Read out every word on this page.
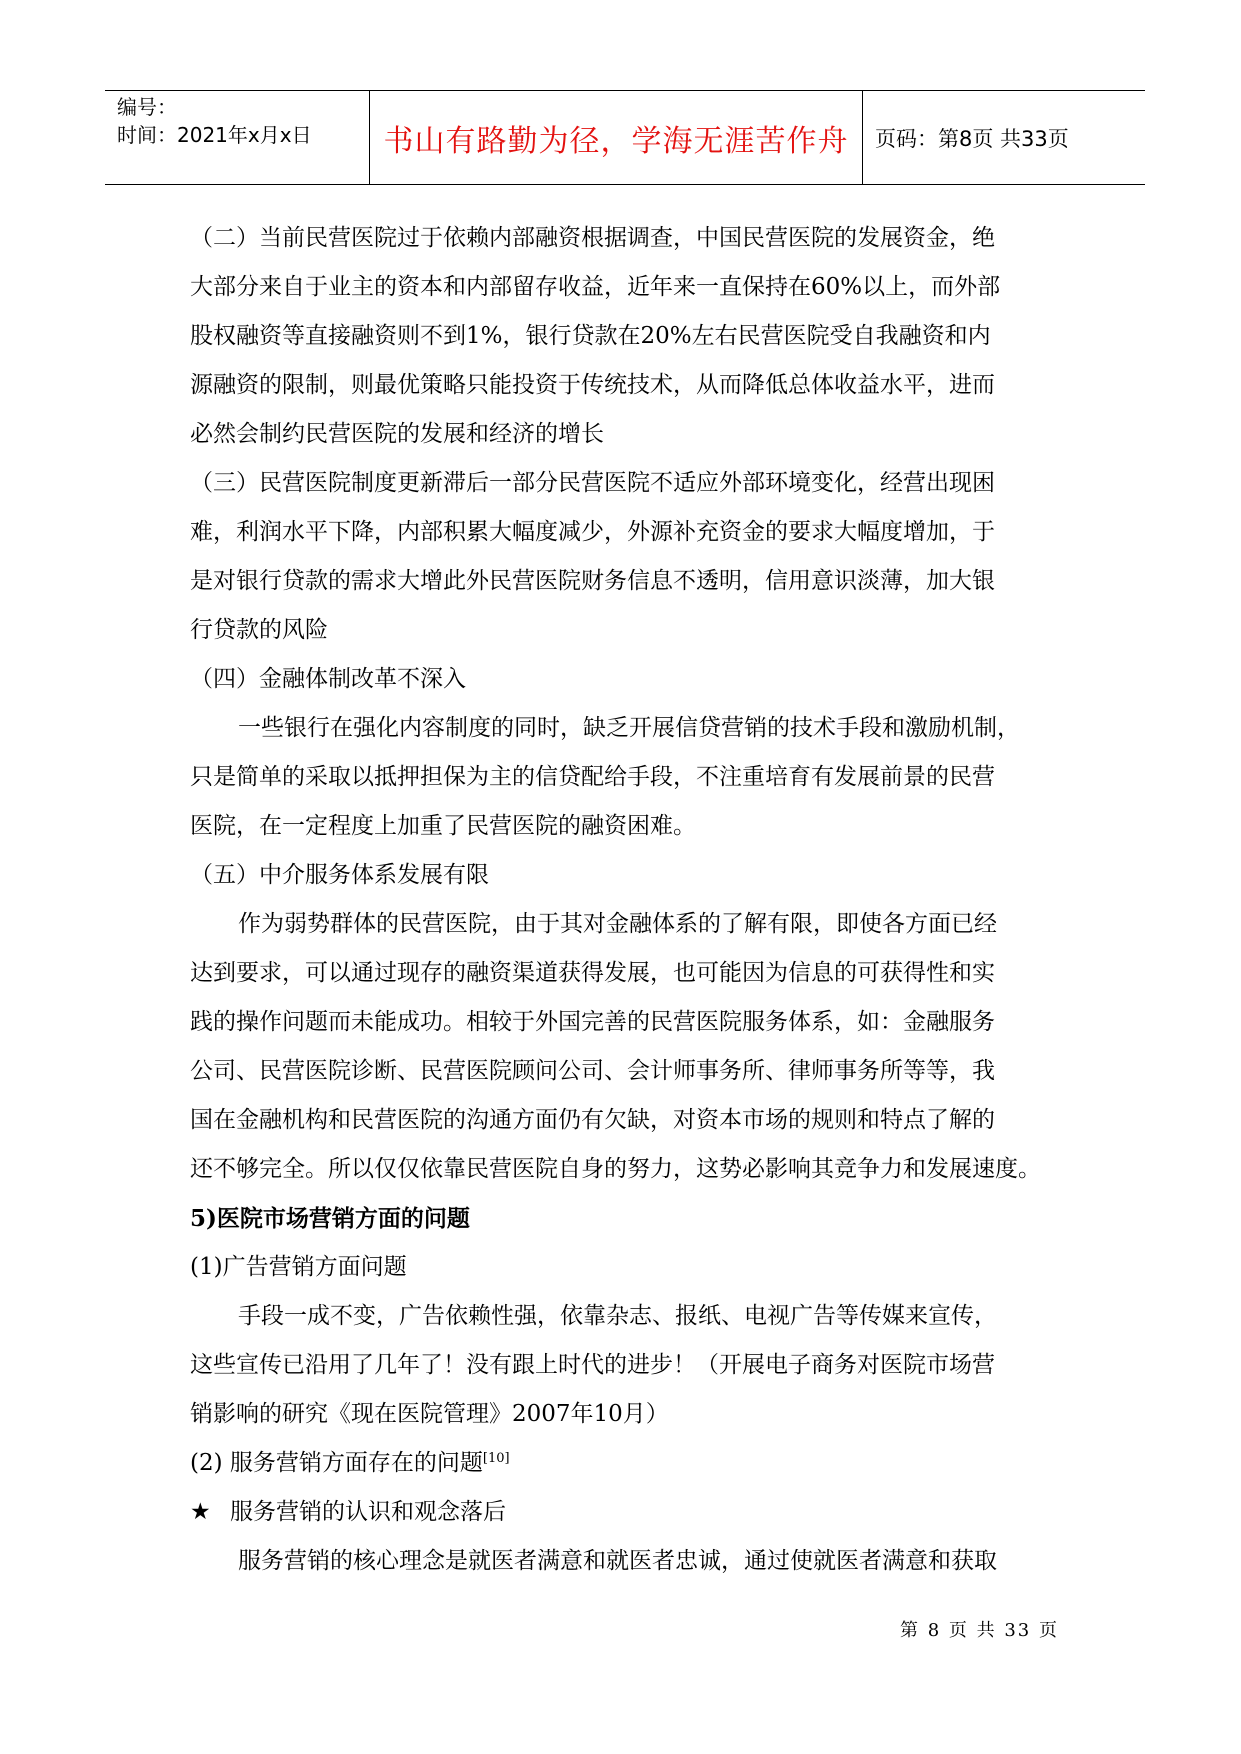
编号：
时间：2021年x月x日	书山有路勤为径，学海无涯苦作舟 页码：第8页 共33页
（二）当前民营医院过于依赖内部融资根据调查，中国民营医院的发展资金，绝
大部分来自于业主的资本和内部留存收益，近年来一直保持在60%以上，而外部
股权融资等直接融资则不到1%，银行贷款在20%左右民营医院受自我融资和内
源融资的限制，则最优策略只能投资于传统技术，从而降低总体收益水平，进而
必然会制约民营医院的发展和经济的增长
（三）民营医院制度更新滞后一部分民营医院不适应外部环境变化，经营出现困
难，利润水平下降，内部积累大幅度减少，外源补充资金的要求大幅度增加，于
是对银行贷款的需求大增此外民营医院财务信息不透明，信用意识淡薄，加大银
行贷款的风险
（四）金融体制改革不深入
一些银行在强化内容制度的同时，缺乏开展信贷营销的技术手段和激励机制，
只是简单的采取以抵押担保为主的信贷配给手段，不注重培育有发展前景的民营
医院，在一定程度上加重了民营医院的融资困难。
（五）中介服务体系发展有限
作为弱势群体的民营医院，由于其对金融体系的了解有限，即使各方面已经
达到要求，可以通过现存的融资渠道获得发展，也可能因为信息的可获得性和实
践的操作问题而未能成功。相较于外国完善的民营医院服务体系，如：金融服务
公司、民营医院诊断、民营医院顾问公司、会计师事务所、律师事务所等等，我
国在金融机构和民营医院的沟通方面仍有欠缺，对资本市场的规则和特点了解的
还不够完全。所以仅仅依靠民营医院自身的努力，这势必影响其竞争力和发展速度。
5)医院市场营销方面的问题
(1)广告营销方面问题
手段一成不变，广告依赖性强，依靠杂志、报纸、电视广告等传媒来宣传，
这些宣传已沿用了几年了！没有跟上时代的进步！（开展电子商务对医院市场营
销影响的研究《现在医院管理》2007年10月）
(2) 服务营销方面存在的问题[10]
★ 服务营销的认识和观念落后
服务营销的核心理念是就医者满意和就医者忠诚，通过使就医者满意和获取
第 8 页 共 33 页
